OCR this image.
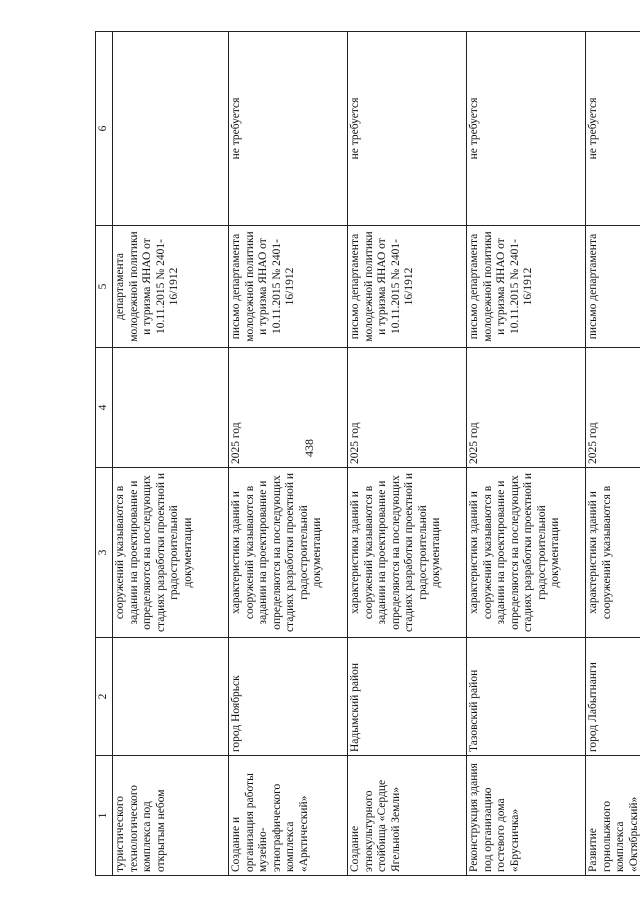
438
1	2	3	4	5	6
туристического технологического комплекса под открытым небом		сооружений указываются в задании на проектирование и определяются на последующих стадиях разработки проектной и градостроительной документации		департамента молодежной политики и туризма ЯНАО от 10.11.2015 № 2401-16/1912	
Создание и организация работы музейно-этнографического комплекса «Арктический»	город Ноябрьск	характеристики зданий и сооружений указываются в задании на проектирование и определяются на последующих стадиях разработки проектной и градостроительной документации	2025 год	письмо департамента молодежной политики и туризма ЯНАО от 10.11.2015 № 2401-16/1912	не требуется
Создание этнокультурного стойбища «Сердце Ягельной Земли»	Надымский район	характеристики зданий и сооружений указываются в задании на проектирование и определяются на последующих стадиях разработки проектной и градостроительной документации	2025 год	письмо департамента молодежной политики и туризма ЯНАО от 10.11.2015 № 2401-16/1912	не требуется
Реконструкция здания под организацию гостевого дома «Брусничка»	Тазовский район	характеристики зданий и сооружений указываются в задании на проектирование и определяются на последующих стадиях разработки проектной и градостроительной документации	2025 год	письмо департамента молодежной политики и туризма ЯНАО от 10.11.2015 № 2401-16/1912	не требуется
Развитие горнолыжного комплекса «Октябрьский»	город Лабытнанги	характеристики зданий и сооружений указываются в	2025 год	письмо департамента	не требуется
